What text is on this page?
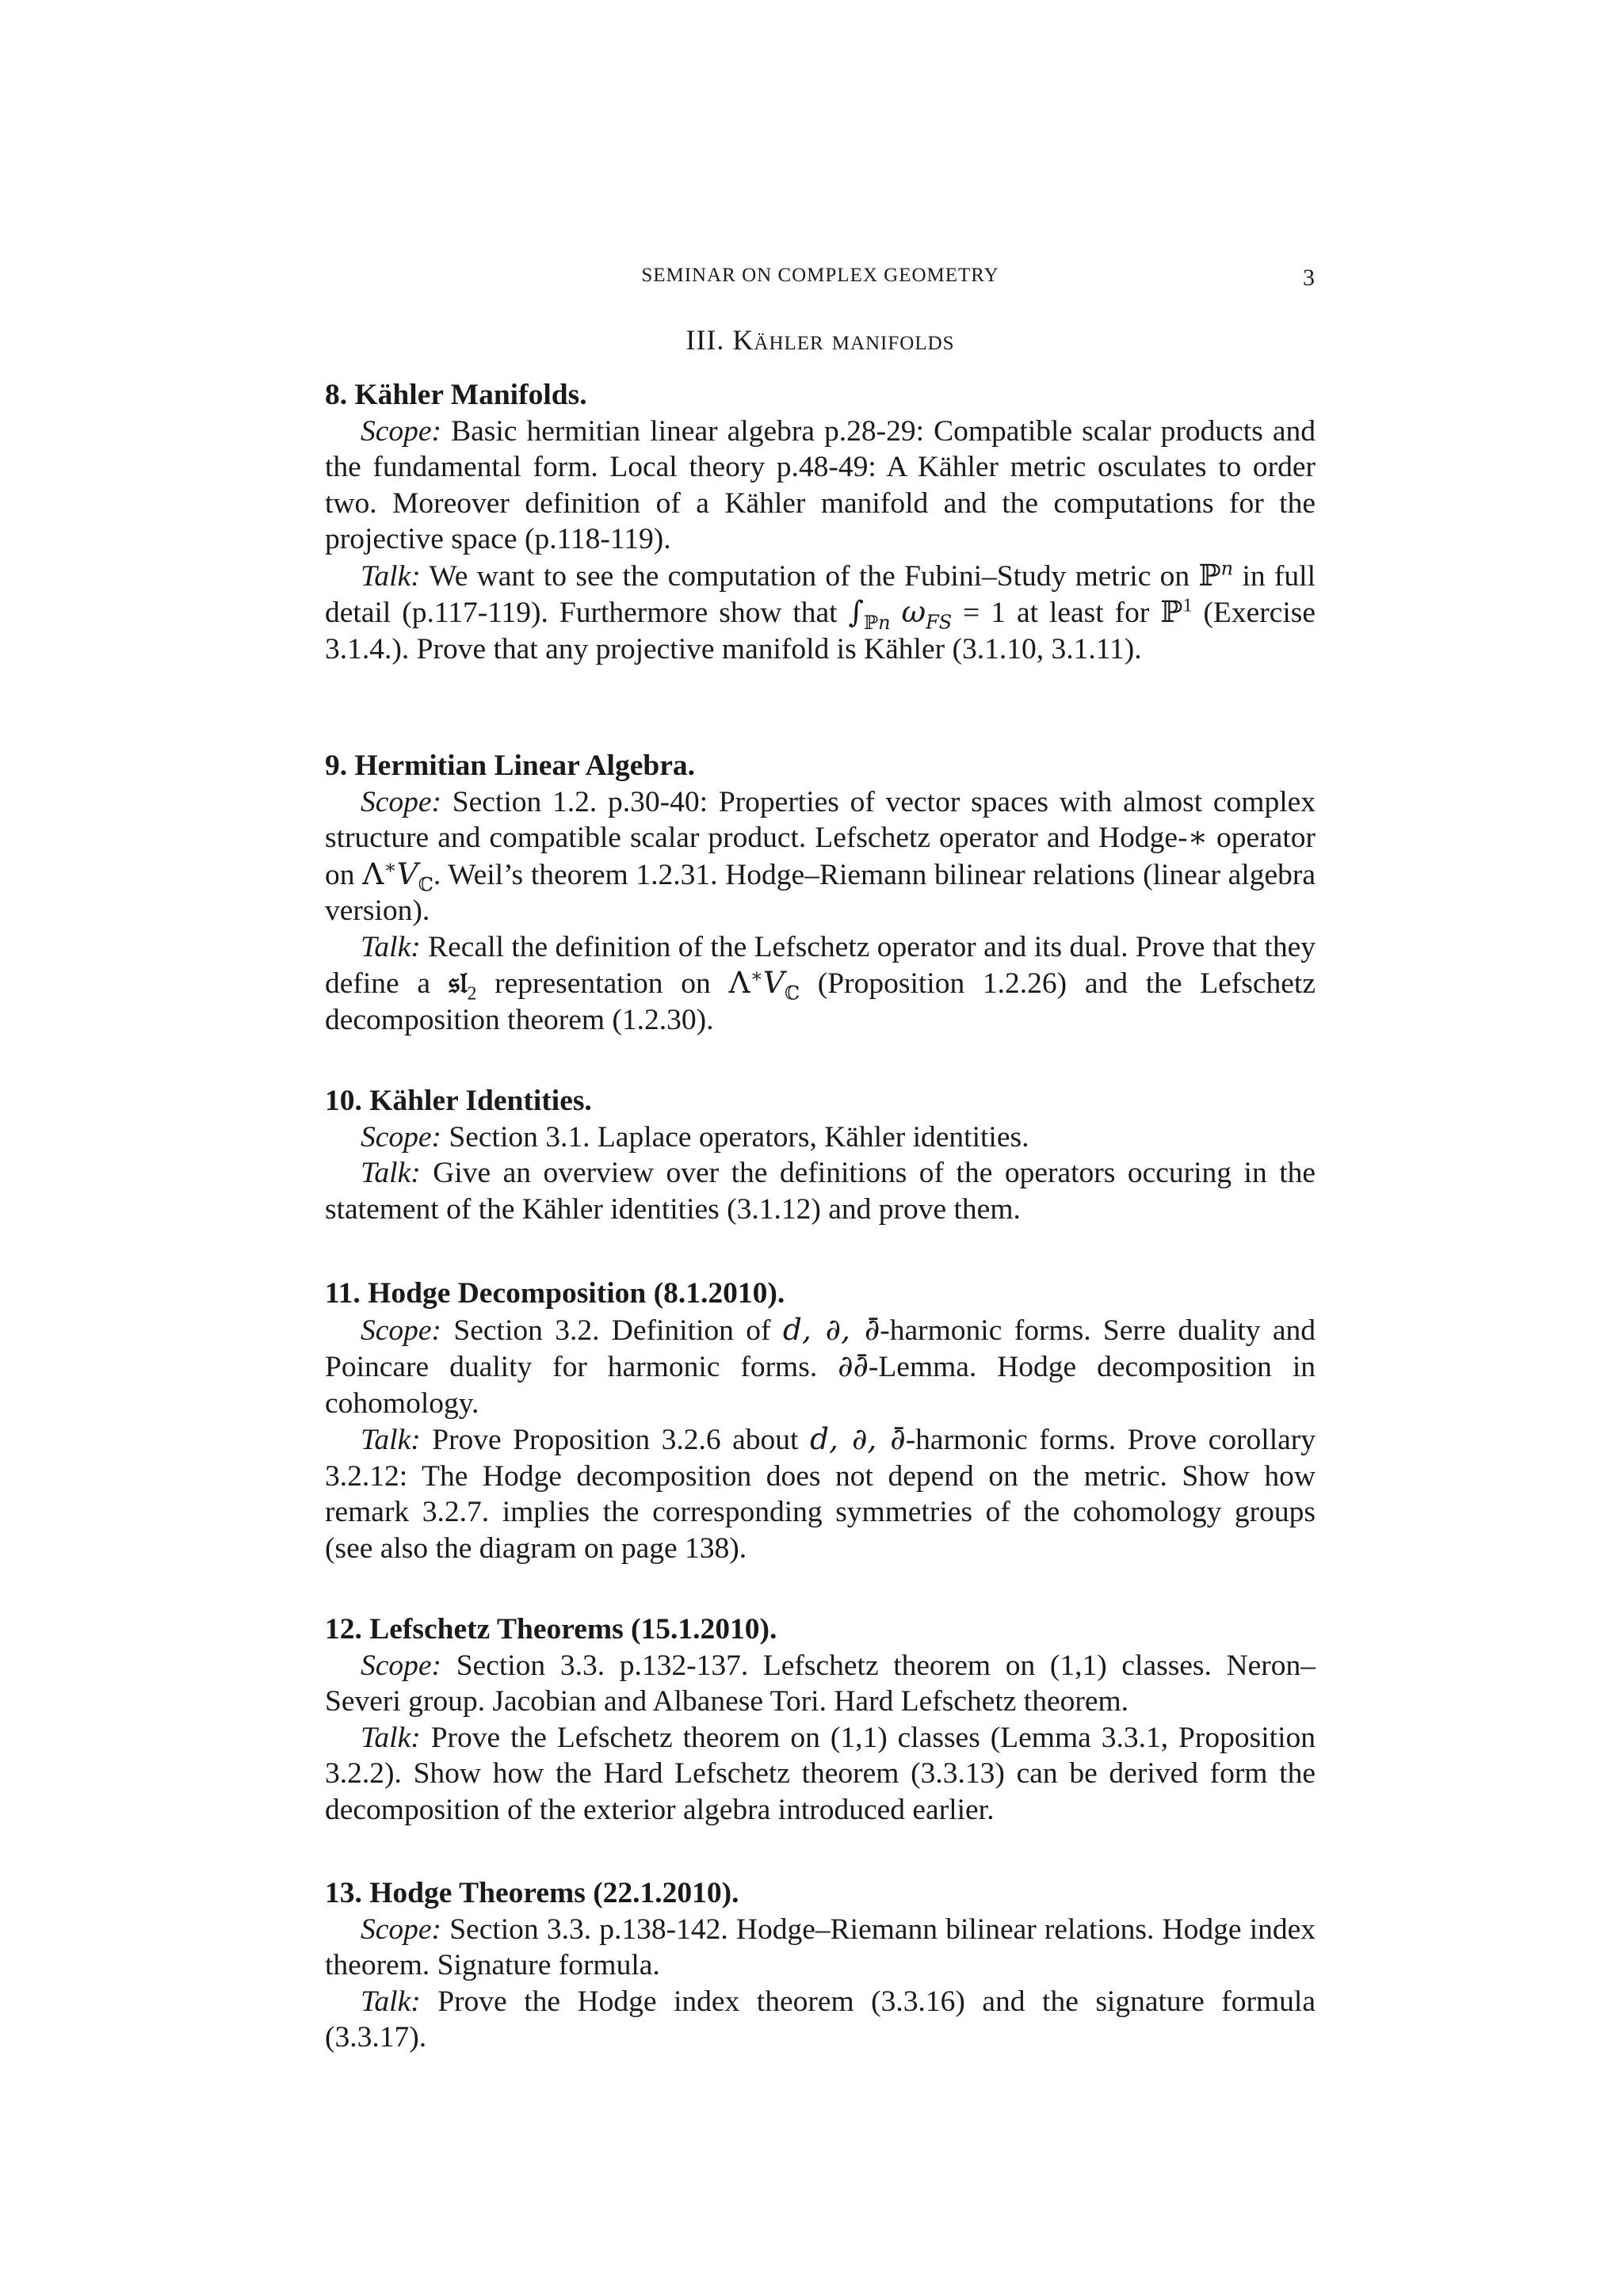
SEMINAR ON COMPLEX GEOMETRY	3
III. Kähler manifolds
8. Kähler Manifolds.

Scope: Basic hermitian linear algebra p.28-29: Compatible scalar products and the fundamental form. Local theory p.48-49: A Kähler metric osculates to order two. Moreover definition of a Kähler manifold and the computations for the projective space (p.118-119).

Talk: We want to see the computation of the Fubini–Study metric on ℙ$^n$ in full detail (p.117-119). Furthermore show that $\int_{ℙn}$ $\omega_{FS} = 1$ at least for ℙ$^1$ (Exercise 3.1.4.). Prove that any projective manifold is Kähler (3.1.10, 3.1.11).

9. Hermitian Linear Algebra.

Scope: Section 1.2. p.30-40: Properties of vector spaces with almost complex structure and compatible scalar product. Lefschetz operator and Hodge-∗ operator on $\Lambda^∗V_ℂ$. Weil’s theorem 1.2.31. Hodge–Riemann bilinear relations (linear algebra version).

Talk: Recall the definition of the Lefschetz operator and its dual. Prove that they define a 𝔰𝔩$_2$ representation on $\Lambda^∗V_ℂ$ (Proposition 1.2.26) and the Lefschetz decomposition theorem (1.2.30).

10. Kähler Identities.

Scope: Section 3.1. Laplace operators, Kähler identities.

Talk: Give an overview over the definitions of the operators occuring in the statement of the Kähler identities (3.1.12) and prove them.

11. Hodge Decomposition (8.1.2010).

Scope: Section 3.2. Definition of d, ∂, ∂̄-harmonic forms. Serre duality and Poincare duality for harmonic forms. ∂∂̄-Lemma. Hodge decomposition in cohomology.

Talk: Prove Proposition 3.2.6 about d, ∂, ∂̄-harmonic forms. Prove corollary 3.2.12: The Hodge decomposition does not depend on the metric. Show how remark 3.2.7. implies the corresponding symmetries of the cohomology groups (see also the diagram on page 138).

12. Lefschetz Theorems (15.1.2010).

Scope: Section 3.3. p.132-137. Lefschetz theorem on (1,1) classes. Neron–Severi group. Jacobian and Albanese Tori. Hard Lefschetz theorem.

Talk: Prove the Lefschetz theorem on (1,1) classes (Lemma 3.3.1, Proposition 3.2.2). Show how the Hard Lefschetz theorem (3.3.13) can be derived form the decomposition of the exterior algebra introduced earlier.

13. Hodge Theorems (22.1.2010).

Scope: Section 3.3. p.138-142. Hodge–Riemann bilinear relations. Hodge index theorem. Signature formula.

Talk: Prove the Hodge index theorem (3.3.16) and the signature formula (3.3.17).
